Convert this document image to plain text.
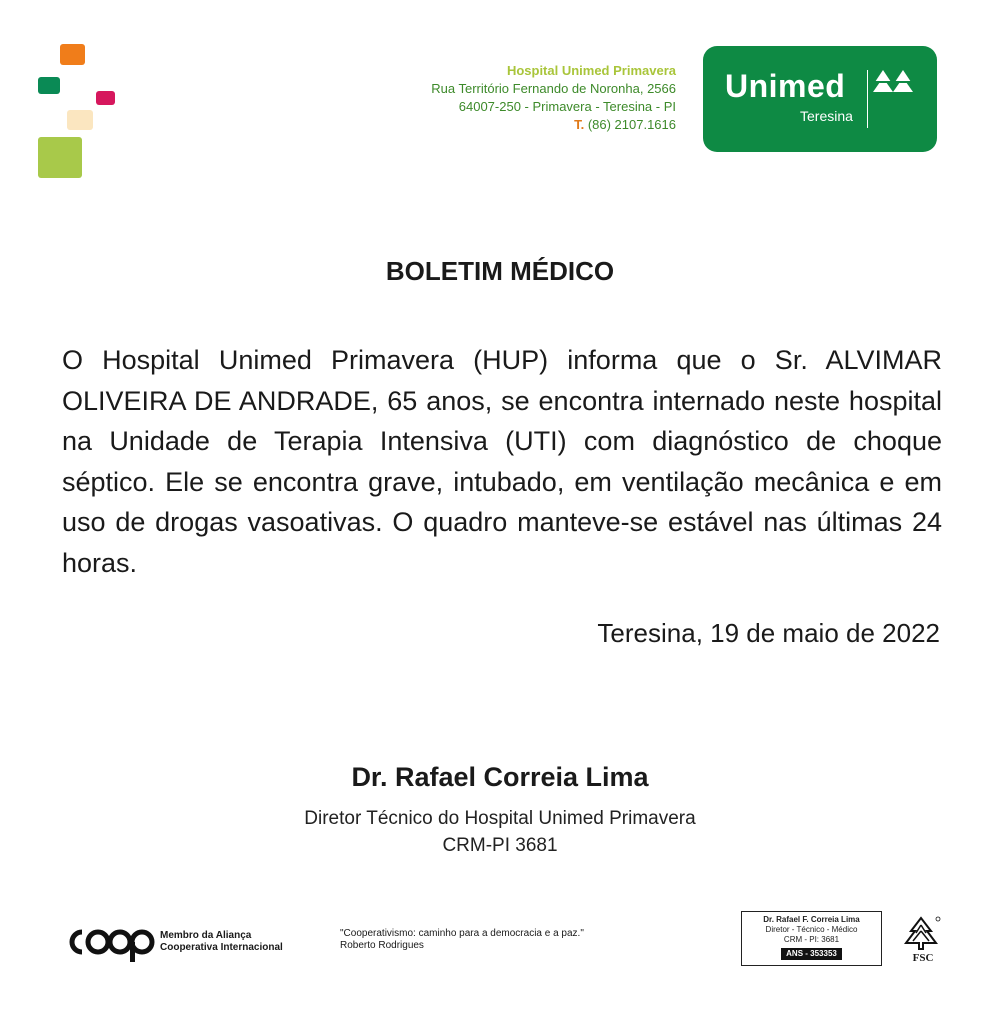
Hospital Unimed Primavera
Rua Território Fernando de Noronha, 2566
64007-250 - Primavera - Teresina - PI
T. (86) 2107.1616
Unimed
Teresina
BOLETIM MÉDICO
O Hospital Unimed Primavera (HUP) informa que o Sr. ALVIMAR OLIVEIRA DE ANDRADE, 65 anos, se encontra internado neste hospital na Unidade de Terapia Intensiva (UTI) com diagnóstico de choque séptico. Ele se encontra grave, intubado, em ventilação mecânica e em uso de drogas vasoativas. O quadro manteve-se estável nas últimas 24 horas.
Teresina, 19 de maio de 2022
Dr. Rafael Correia Lima
Diretor Técnico do Hospital Unimed Primavera
CRM-PI 3681
Membro da Aliança
Cooperativa Internacional
"Cooperativismo: caminho para a democracia e a paz."
Roberto Rodrigues
Dr. Rafael F. Correia Lima
Diretor - Técnico - Médico
CRM - PI: 3681
ANS - 353353	FSC
